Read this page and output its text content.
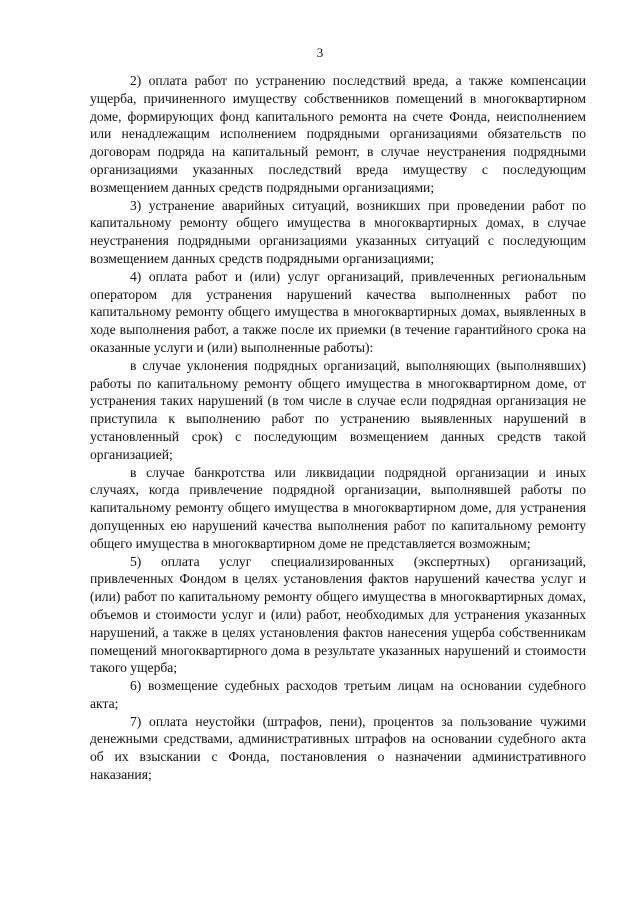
3

2) оплата работ по устранению последствий вреда, а также компенсации ущерба, причиненного имуществу собственников помещений в многоквартирном доме, формирующих фонд капитального ремонта на счете Фонда, неисполнением или ненадлежащим исполнением подрядными организациями обязательств по договорам подряда на капитальный ремонт, в случае неустранения подрядными организациями указанных последствий вреда имуществу с последующим возмещением данных средств подрядными организациями;

3) устранение аварийных ситуаций, возникших при проведении работ по капитальному ремонту общего имущества в многоквартирных домах, в случае неустранения подрядными организациями указанных ситуаций с последующим возмещением данных средств подрядными организациями;

4) оплата работ и (или) услуг организаций, привлеченных региональным оператором для устранения нарушений качества выполненных работ по капитальному ремонту общего имущества в многоквартирных домах, выявленных в ходе выполнения работ, а также после их приемки (в течение гарантийного срока на оказанные услуги и (или) выполненные работы):

в случае уклонения подрядных организаций, выполняющих (выполнявших) работы по капитальному ремонту общего имущества в многоквартирном доме, от устранения таких нарушений (в том числе в случае если подрядная организация не приступила к выполнению работ по устранению выявленных нарушений в установленный срок) с последующим возмещением данных средств такой организацией;

в случае банкротства или ликвидации подрядной организации и иных случаях, когда привлечение подрядной организации, выполнявшей работы по капитальному ремонту общего имущества в многоквартирном доме, для устранения допущенных ею нарушений качества выполнения работ по капитальному ремонту общего имущества в многоквартирном доме не представляется возможным;

5) оплата услуг специализированных (экспертных) организаций, привлеченных Фондом в целях установления фактов нарушений качества услуг и (или) работ по капитальному ремонту общего имущества в многоквартирных домах, объемов и стоимости услуг и (или) работ, необходимых для устранения указанных нарушений, а также в целях установления фактов нанесения ущерба собственникам помещений многоквартирного дома в результате указанных нарушений и стоимости такого ущерба;

6) возмещение судебных расходов третьим лицам на основании судебного акта;

7) оплата неустойки (штрафов, пени), процентов за пользование чужими денежными средствами, административных штрафов на основании судебного акта об их взыскании с Фонда, постановления о назначении административного наказания;
